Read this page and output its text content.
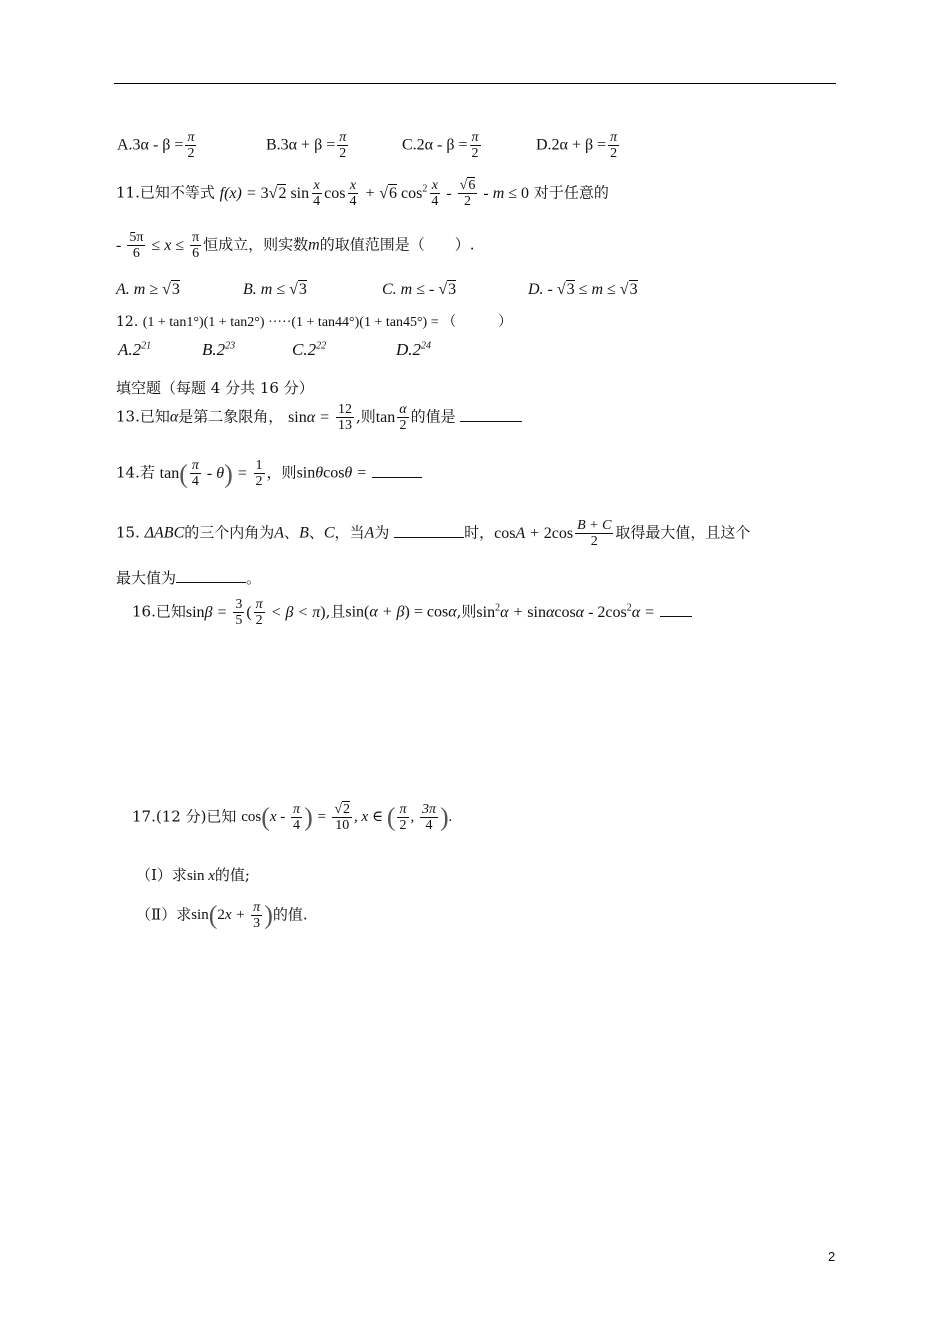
$A.3\alpha - \beta = \frac{\pi}{2}$	$B.3\alpha + \beta = \frac{\pi}{2}$	$C.2\alpha - \beta = \frac{\pi}{2}$	$D.2\alpha + \beta = \frac{\pi}{2}$
11.已知不等式 f(x) = 3√2 $\sin \frac{x}{4}$ $\cos \frac{x}{4} + √6$ $\cos^2 \frac{x}{4} - \frac{√6}{2} - m \le 0$ 对于任意的
- $\frac{5\pi}{6} \le x \le \frac{\pi}{6}$ 恒成立，则实数m的取值范围是（　　）.
A. m ≥ √3	B. m ≤ √3	C. m ≤ - √3	D. - √3 ≤ m ≤ √3
12. (1 + tan1°)(1 + tan2°) ·····(1 + tan44°)(1 + tan45°) = （　　　）
$A.2^{21}$	$B.2^{23}$	$C.2^{22}$	$D.2^{24}$
填空题（每题 4 分共 16 分）
13.已知α是第二象限角， $\sin\alpha = \frac{12}{13}$ ,则$\tan \frac{\alpha}{2}$ 的值是
14.若 $\tan( \frac{\pi}{4} - \theta) = \frac{1}{2}$ ，则sinθcosθ =
15. ΔABC的三个内角为A、B、C，当A为	时，$\cos A + 2\cos \frac{B + C}{2}$ 取得最大值，且这个
最大值为	。
16.已知$\sin\beta = \frac{3}{5}$ ( $\frac{\pi}{2} < \beta < \pi$),且sin(α + β) = cosα,则$\sin^2\alpha + \sin\alpha\cos\alpha - 2\cos^2\alpha$ =
17.(12 分)已知 $\cos(x - \frac{\pi}{4}$ ) = $\frac{√2}{10}$ , x ∈ ( $\frac{\pi}{2}$ , $\frac{3\pi}{4}$ ).
（Ⅰ）求sin x的值;
（Ⅱ）求$\sin(2x + \frac{\pi}{3}$ )的值.
2
